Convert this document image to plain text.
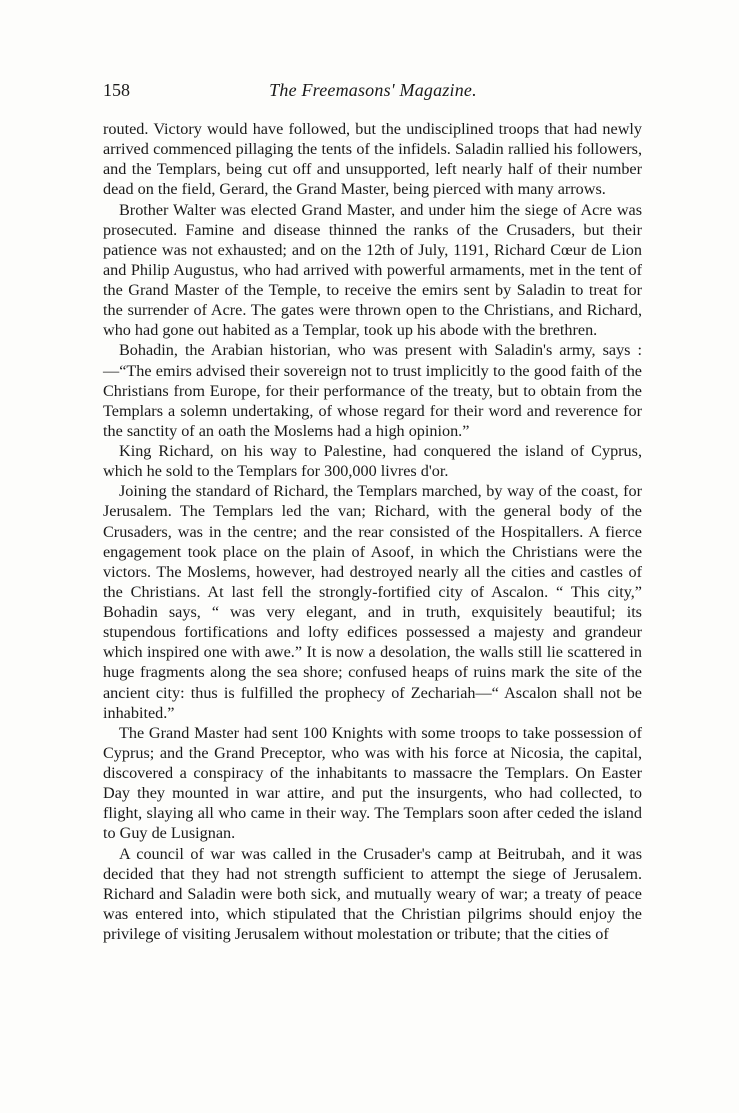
158	The Freemasons' Magazine.

routed. Victory would have followed, but the undisciplined troops that had newly arrived commenced pillaging the tents of the infidels. Saladin rallied his followers, and the Templars, being cut off and unsupported, left nearly half of their number dead on the field, Gerard, the Grand Master, being pierced with many arrows.

Brother Walter was elected Grand Master, and under him the siege of Acre was prosecuted. Famine and disease thinned the ranks of the Crusaders, but their patience was not exhausted; and on the 12th of July, 1191, Richard Cœur de Lion and Philip Augustus, who had arrived with powerful armaments, met in the tent of the Grand Master of the Temple, to receive the emirs sent by Saladin to treat for the surrender of Acre. The gates were thrown open to the Christians, and Richard, who had gone out habited as a Templar, took up his abode with the brethren.

Bohadin, the Arabian historian, who was present with Saladin's army, says :—“The emirs advised their sovereign not to trust implicitly to the good faith of the Christians from Europe, for their performance of the treaty, but to obtain from the Templars a solemn undertaking, of whose regard for their word and reverence for the sanctity of an oath the Moslems had a high opinion.”

King Richard, on his way to Palestine, had conquered the island of Cyprus, which he sold to the Templars for 300,000 livres d'or.

Joining the standard of Richard, the Templars marched, by way of the coast, for Jerusalem. The Templars led the van; Richard, with the general body of the Crusaders, was in the centre; and the rear consisted of the Hospitallers. A fierce engagement took place on the plain of Asoof, in which the Christians were the victors. The Moslems, however, had destroyed nearly all the cities and castles of the Christians. At last fell the strongly-fortified city of Ascalon. “ This city,” Bohadin says, “ was very elegant, and in truth, exquisitely beautiful; its stupendous fortifications and lofty edifices possessed a majesty and grandeur which inspired one with awe.” It is now a desolation, the walls still lie scattered in huge fragments along the sea shore; confused heaps of ruins mark the site of the ancient city: thus is fulfilled the prophecy of Zechariah—“ Ascalon shall not be inhabited.”

The Grand Master had sent 100 Knights with some troops to take possession of Cyprus; and the Grand Preceptor, who was with his force at Nicosia, the capital, discovered a conspiracy of the inhabitants to massacre the Templars. On Easter Day they mounted in war attire, and put the insurgents, who had collected, to flight, slaying all who came in their way. The Templars soon after ceded the island to Guy de Lusignan.

A council of war was called in the Crusader's camp at Beitrubah, and it was decided that they had not strength sufficient to attempt the siege of Jerusalem. Richard and Saladin were both sick, and mutually weary of war; a treaty of peace was entered into, which stipulated that the Christian pilgrims should enjoy the privilege of visiting Jerusalem without molestation or tribute; that the cities of
